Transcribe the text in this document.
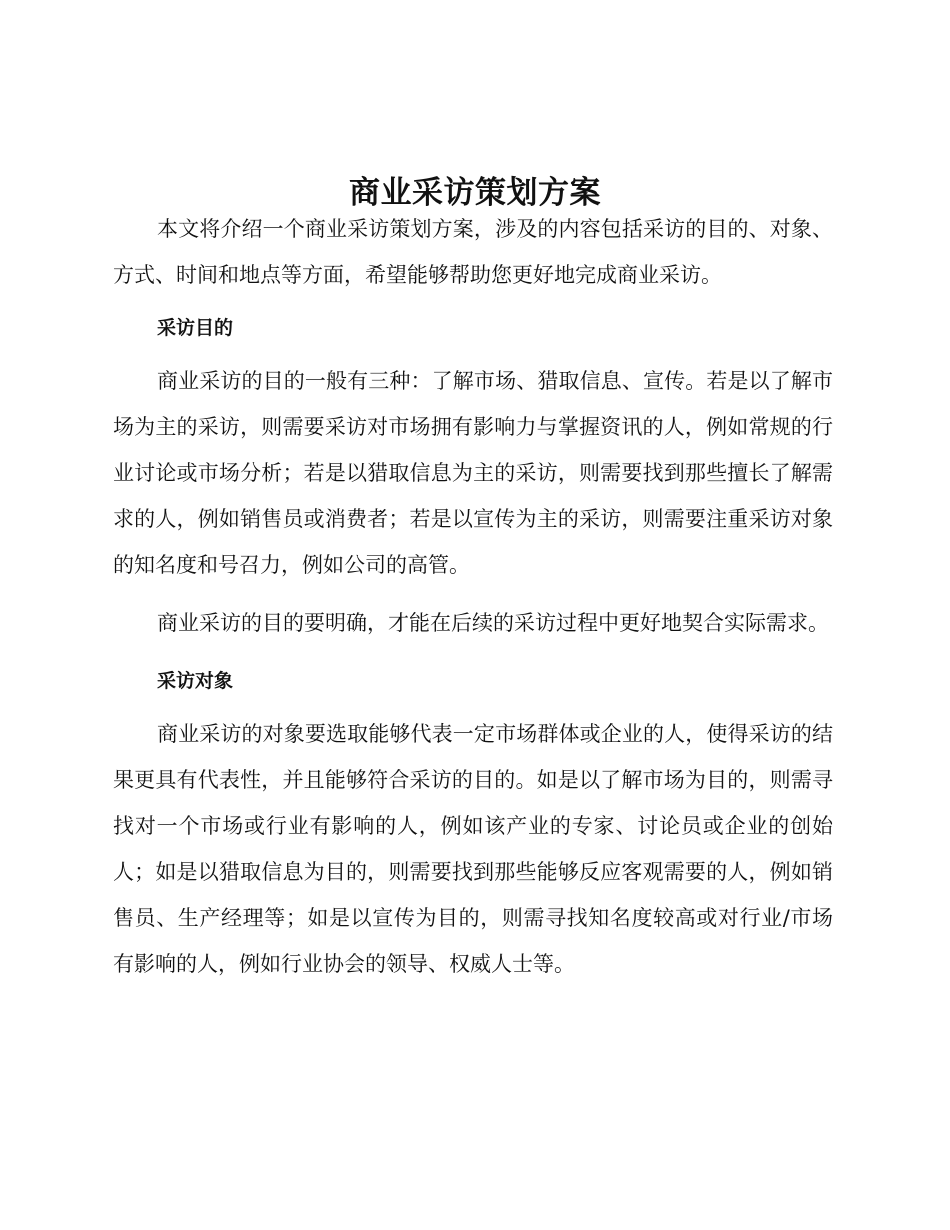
商业采访策划方案

本文将介绍一个商业采访策划方案，涉及的内容包括采访的目的、对象、方式、时间和地点等方面，希望能够帮助您更好地完成商业采访。

采访目的

商业采访的目的一般有三种：了解市场、猎取信息、宣传。若是以了解市场为主的采访，则需要采访对市场拥有影响力与掌握资讯的人，例如常规的行业讨论或市场分析；若是以猎取信息为主的采访，则需要找到那些擅长了解需求的人，例如销售员或消费者；若是以宣传为主的采访，则需要注重采访对象的知名度和号召力，例如公司的高管。

商业采访的目的要明确，才能在后续的采访过程中更好地契合实际需求。

采访对象

商业采访的对象要选取能够代表一定市场群体或企业的人，使得采访的结果更具有代表性，并且能够符合采访的目的。如是以了解市场为目的，则需寻找对一个市场或行业有影响的人，例如该产业的专家、讨论员或企业的创始人；如是以猎取信息为目的，则需要找到那些能够反应客观需要的人，例如销售员、生产经理等；如是以宣传为目的，则需寻找知名度较高或对行业/市场有影响的人，例如行业协会的领导、权威人士等。
